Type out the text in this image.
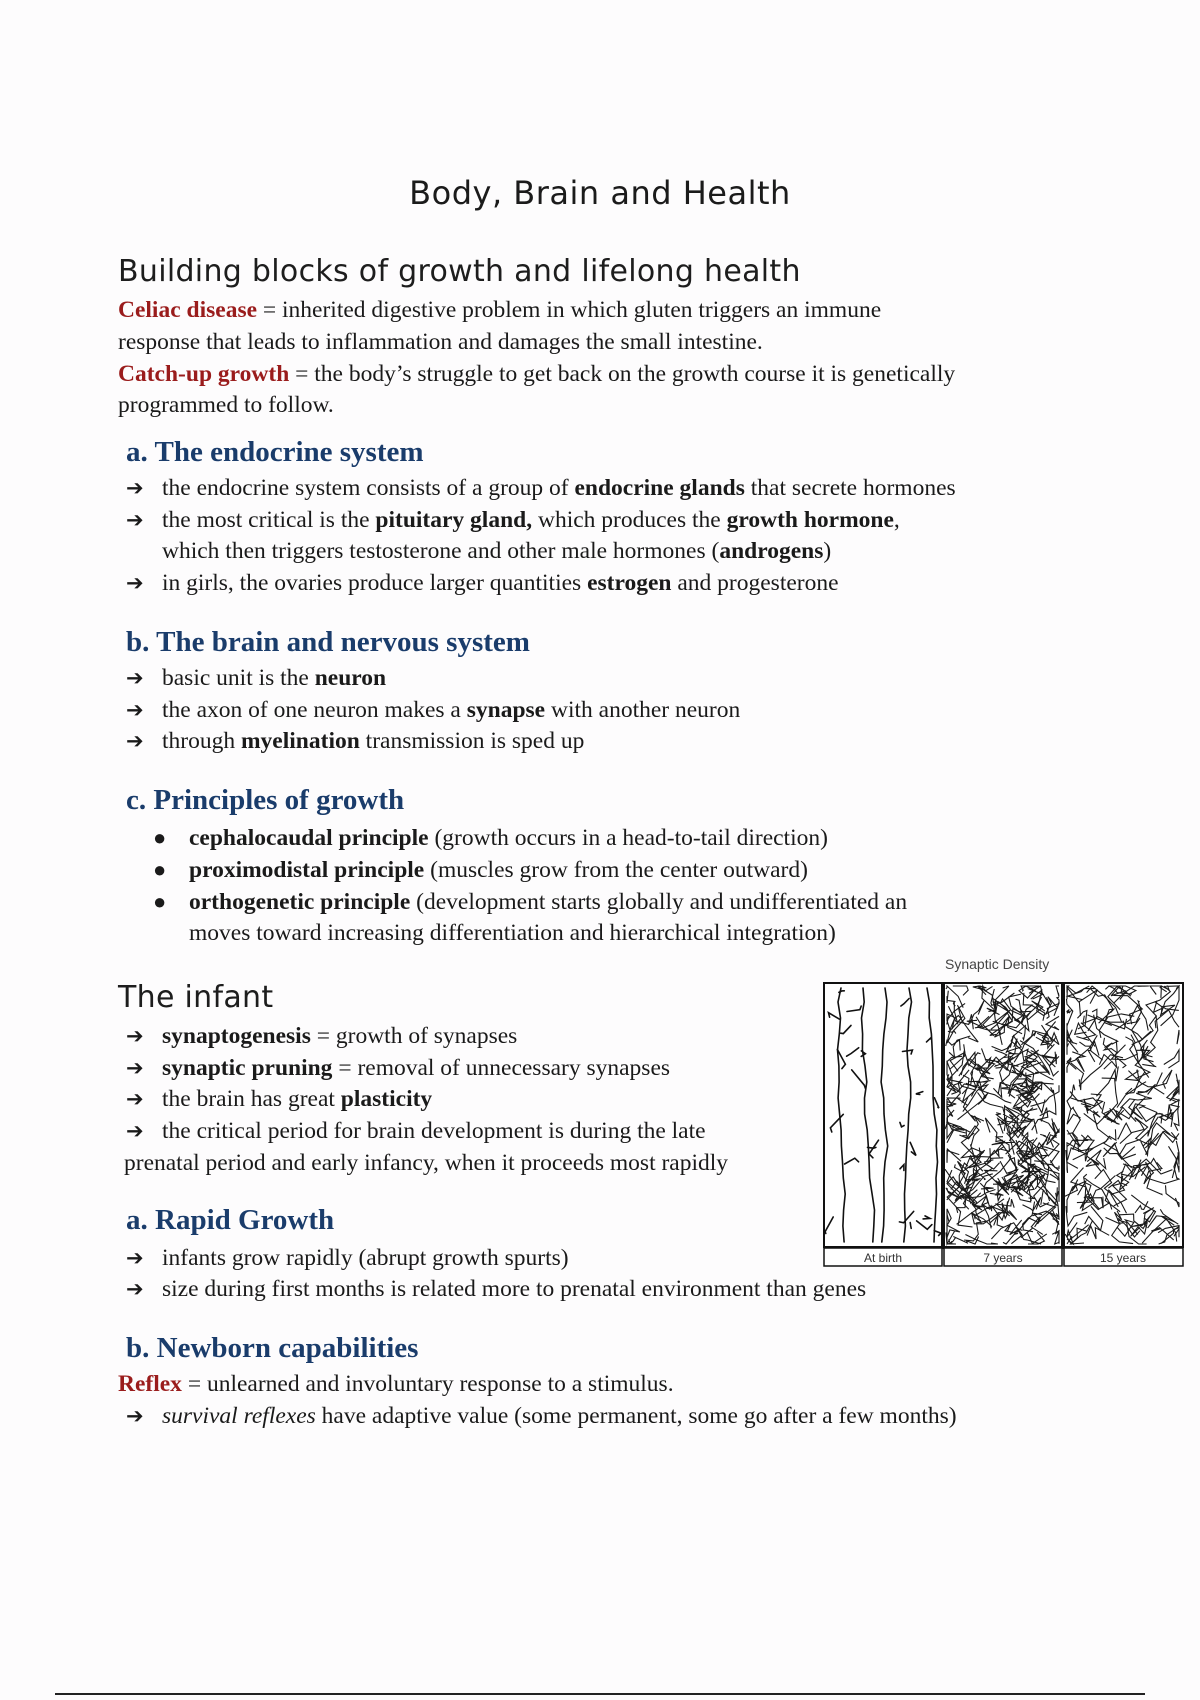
Body, Brain and Health
Building blocks of growth and lifelong health
Celiac disease = inherited digestive problem in which gluten triggers an immune
response that leads to inflammation and damages the small intestine.
Catch-up growth = the body’s struggle to get back on the growth course it is genetically
programmed to follow.
a. The endocrine system
➔ the endocrine system consists of a group of endocrine glands that secrete hormones
➔ the most critical is the pituitary gland, which produces the growth hormone,
which then triggers testosterone and other male hormones (androgens)
➔ in girls, the ovaries produce larger quantities estrogen and progesterone
b. The brain and nervous system
➔ basic unit is the neuron
➔ the axon of one neuron makes a synapse with another neuron
➔ through myelination transmission is sped up
c. Principles of growth
● cephalocaudal principle (growth occurs in a head-to-tail direction)
● proximodistal principle (muscles grow from the center outward)
● orthogenetic principle (development starts globally and undifferentiated an
moves toward increasing differentiation and hierarchical integration)
The infant
➔ synaptogenesis = growth of synapses
➔ synaptic pruning = removal of unnecessary synapses
➔ the brain has great plasticity
➔ the critical period for brain development is during the late
prenatal period and early infancy, when it proceeds most rapidly
Synaptic Density
At birth	7 years	15 years
a. Rapid Growth
➔ infants grow rapidly (abrupt growth spurts)
➔ size during first months is related more to prenatal environment than genes
b. Newborn capabilities
Reflex = unlearned and involuntary response to a stimulus.
➔ survival reflexes have adaptive value (some permanent, some go after a few months)
